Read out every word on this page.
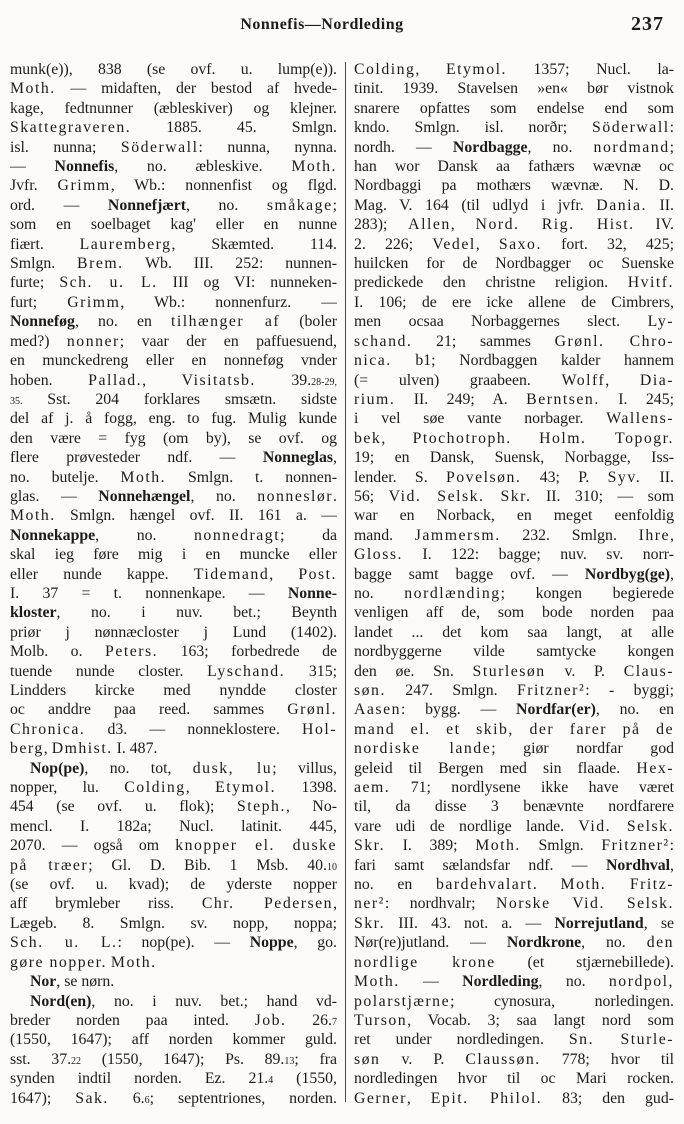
Nonnefis—Nordleding	237
munk(e)), 838 (se ovf. u. lump(e)).
Moth. — midaften, der bestod af hvede-
kage, fedtnunner (æbleskiver) og klejner.
Skattegraveren. 1885. 45. Smlgn.
isl. nunna; Söderwall: nunna, nynna.
— Nonnefis, no. æbleskive. Moth.
Jvfr. Grimm, Wb.: nonnenfist og flgd.
ord. — Nonnefjært, no. småkage;
som en soelbaget kag' eller en nunne
fiært. Lauremberg, Skæmted. 114.
Smlgn. Brem. Wb. III. 252: nunnen-
furte; Sch. u. L. III og VI: nunneken-
furt; Grimm, Wb.: nonnenfurz. —
Nonneføg, no. en tilhænger af (boler
med?) nonner; vaar der en paffuesuend,
en munckedreng eller en nonneføg vnder
hoben. Pallad., Visitatsb. 39.28-29,
35. Sst. 204 forklares smsætn. sidste
del af j. å fogg, eng. to fug. Mulig kunde
den være = fyg (om by), se ovf. og
flere prøvesteder ndf. — Nonneglas,
no. butelje. Moth. Smlgn. t. nonnen-
glas. — Nonnehængel, no. nonneslør.
Moth. Smlgn. hængel ovf. II. 161 a. —
Nonnekappe, no. nonnedragt; da
skal ieg føre mig i en muncke eller
eller nunde kappe. Tidemand, Post.
I. 37 = t. nonnenkape. — Nonne-
kloster, no. i nuv. bet.; Beynth
priør j nønnæcloster j Lund (1402).
Molb. o. Peters. 163; forbedrede de
tuende nunde closter. Lyschand. 315;
Lindders kircke med nyndde closter
oc anddre paa reed. sammes Grønl.
Chronica. d3. — nonneklostere. Hol-
berg, Dmhist. I. 487.
Nop(pe), no. tot, dusk, lu; villus,
nopper, lu. Colding, Etymol. 1398.
454 (se ovf. u. flok); Steph., No-
mencl. I. 182a; Nucl. latinit. 445,
2070. — også om knopper el. duske
på træer; Gl. D. Bib. 1 Msb. 40.10
(se ovf. u. kvad); de yderste nopper
aff brymleber riss. Chr. Pedersen,
Lægeb. 8. Smlgn. sv. nopp, noppa;
Sch. u. L.: nop(pe). — Noppe, go.
gøre nopper. Moth.
Nor, se nørn.
Nord(en), no. i nuv. bet.; hand vd-
breder norden paa inted. Job. 26.7
(1550, 1647); aff norden kommer guld.
sst. 37.22 (1550, 1647); Ps. 89.13; fra
synden indtil norden. Ez. 21.4 (1550,
1647); Sak. 6.6; septentriones, norden.
Colding, Etymol. 1357; Nucl. la-
tinit. 1939. Stavelsen »en« bør vistnok
snarere opfattes som endelse end som
kndo. Smlgn. isl. norðr; Söderwall:
nordh. — Nordbagge, no. nordmand;
han wor Dansk aa fathærs wævnæ oc
Nordbaggi pa mothærs wævnæ. N. D.
Mag. V. 164 (til udlyd i jvfr. Dania. II.
283); Allen, Nord. Rig. Hist. IV.
2. 226; Vedel, Saxo. fort. 32, 425;
huilcken for de Nordbagger oc Suenske
predickede den christne religion. Hvitf.
I. 106; de ere icke allene de Cimbrers,
men ocsaa Norbaggernes slect. Ly-
schand. 21; sammes Grønl. Chro-
nica. b1; Nordbaggen kalder hannem
(= ulven) graabeen. Wolff, Dia-
rium. II. 249; A. Berntsen. I. 245;
i vel søe vante norbager. Wallens-
bek, Ptochotroph. Holm. Topogr.
19; en Dansk, Suensk, Norbagge, Iss-
lender. S. Povelsøn. 43; P. Syv. II.
56; Vid. Selsk. Skr. II. 310; — som
war en Norback, en meget eenfoldig
mand. Jammersm. 232. Smlgn. Ihre,
Gloss. I. 122: bagge; nuv. sv. norr-
bagge samt bagge ovf. — Nordbyg(ge),
no. nordlænding; kongen begierede
venligen aff de, som bode norden paa
landet ... det kom saa langt, at alle
nordbyggerne vilde samtycke kongen
den øe. Sn. Sturlesøn v. P. Claus-
søn. 247. Smlgn. Fritzner²: - byggi;
Aasen: bygg. — Nordfar(er), no. en
mand el. et skib, der farer på de
nordiske lande; giør nordfar god
geleid til Bergen med sin flaade. Hex-
aem. 71; nordlysene ikke have været
til, da disse 3 benævnte nordfarere
vare udi de nordlige lande. Vid. Selsk.
Skr. I. 389; Moth. Smlgn. Fritzner²:
fari samt sælandsfar ndf. — Nordhval,
no. en bardehvalart. Moth. Fritz-
ner²: nordhvalr; Norske Vid. Selsk.
Skr. III. 43. not. a. — Norrejutland, se
Nør(re)jutland. — Nordkrone, no. den
nordlige krone (et stjærnebillede).
Moth. — Nordleding, no. nordpol,
polarstjærne; cynosura, norledingen.
Turson, Vocab. 3; saa langt nord som
ret under nordledingen. Sn. Sturle-
søn v. P. Claussøn. 778; hvor til
nordledingen hvor til oc Mari rocken.
Gerner, Epit. Philol. 83; den gud-
